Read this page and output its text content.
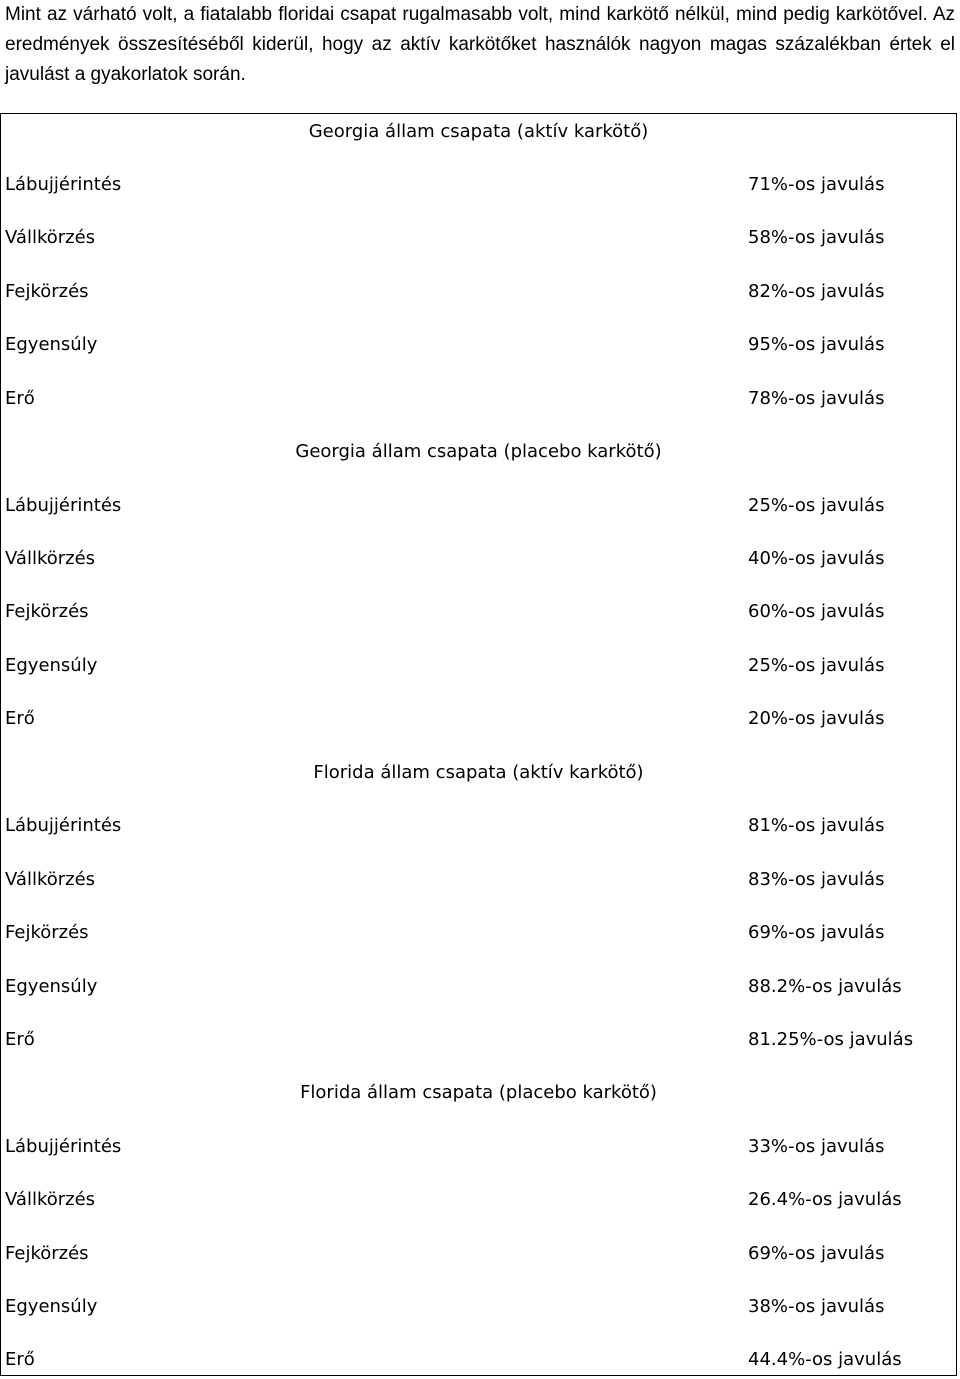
Mint az várható volt, a fiatalabb floridai csapat rugalmasabb volt, mind karkötő nélkül, mind pedig karkötővel. Az eredmények összesítéséből kiderül, hogy az aktív karkötőket használók nagyon magas százalékban értek el javulást a gyakorlatok során.

Georgia állam csapata (aktív karkötő)
Lábujjérintés	71%-os javulás
Vállkörzés	58%-os javulás
Fejkörzés	82%-os javulás
Egyensúly	95%-os javulás
Erő	78%-os javulás
Georgia állam csapata (placebo karkötő)
Lábujjérintés	25%-os javulás
Vállkörzés	40%-os javulás
Fejkörzés	60%-os javulás
Egyensúly	25%-os javulás
Erő	20%-os javulás
Florida állam csapata (aktív karkötő)
Lábujjérintés	81%-os javulás
Vállkörzés	83%-os javulás
Fejkörzés	69%-os javulás
Egyensúly	88.2%-os javulás
Erő	81.25%-os javulás
Florida állam csapata (placebo karkötő)
Lábujjérintés	33%-os javulás
Vállkörzés	26.4%-os javulás
Fejkörzés	69%-os javulás
Egyensúly	38%-os javulás
Erő	44.4%-os javulás
